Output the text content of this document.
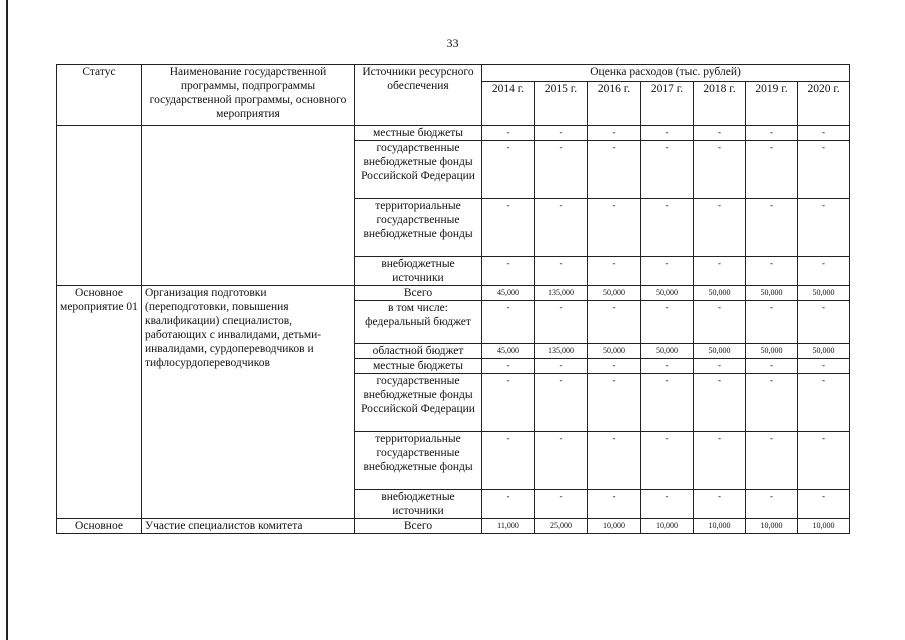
33
Статус	Наименование государственной программы, подпрограммы государственной программы, основного мероприятия	Источники ресурсного обеспечения	Оценка расходов (тыс. рублей)						
			2014 г.	2015 г.	2016 г.	2017 г.	2018 г.	2019 г.	2020 г.
		местные бюджеты	-	-	-	-	-	-	-
		государственные внебюджетные фонды Российской Федерации	-	-	-	-	-	-	-
		территориальные государственные внебюджетные фонды	-	-	-	-	-	-	-
		внебюджетные источники	-	-	-	-	-	-	-
Основное мероприятие 01	Организация подготовки (переподготовки, повышения квалификации) специалистов, работающих с инвалидами, детьми-инвалидами, сурдопереводчиков и тифлосурдопереводчиков	Всего	45,000	135,000	50,000	50,000	50,000	50,000	50,000
		в том числе: федеральный бюджет	-	-	-	-	-	-	-
		областной бюджет	45,000	135,000	50,000	50,000	50,000	50,000	50,000
		местные бюджеты	-	-	-	-	-	-	-
		государственные внебюджетные фонды Российской Федерации	-	-	-	-	-	-	-
		территориальные государственные внебюджетные фонды	-	-	-	-	-	-	-
		внебюджетные источники	-	-	-	-	-	-	-
Основное	Участие специалистов комитета	Всего	11,000	25,000	10,000	10,000	10,000	10,000	10,000
